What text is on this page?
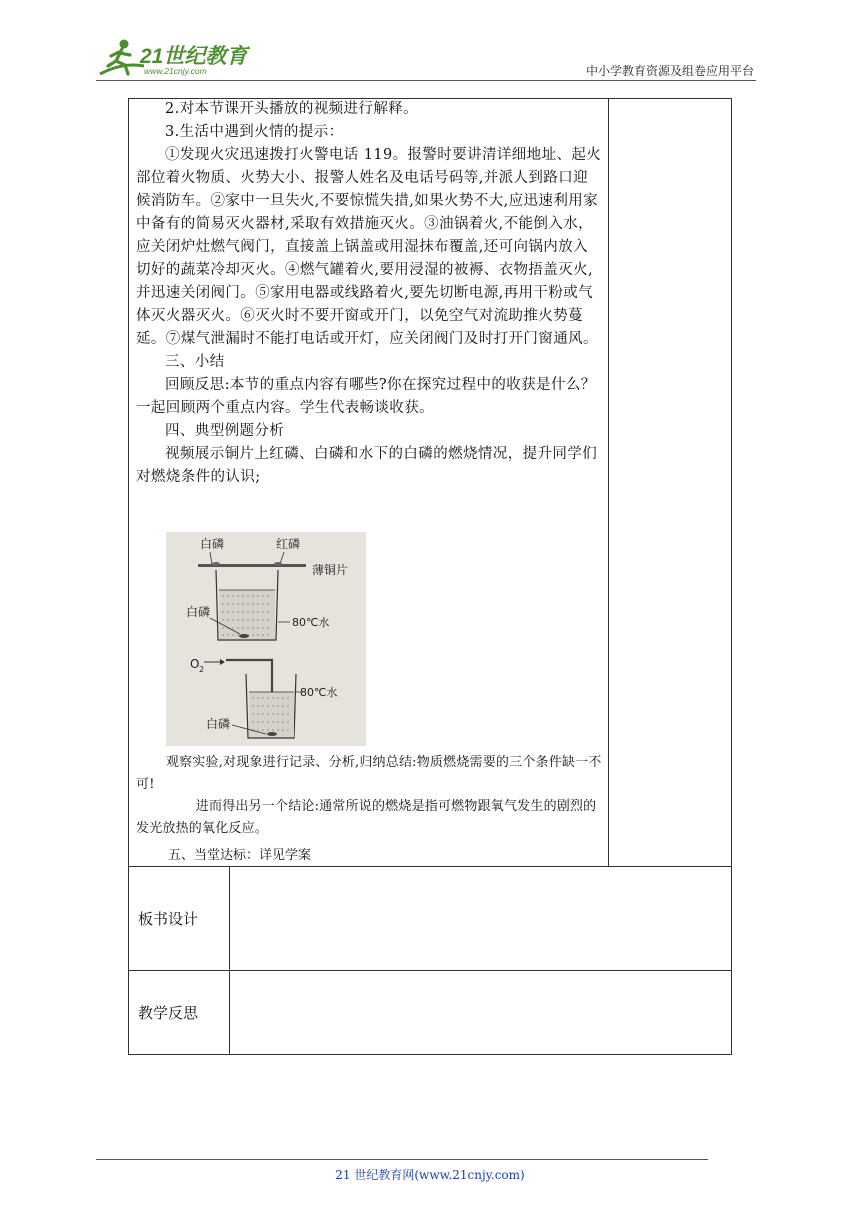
21世纪教育
www.21cnjy.com	中小学教育资源及组卷应用平台

2.对本节课开头播放的视频进行解释。

3.生活中遇到火情的提示：

①发现火灾迅速拨打火警电话 119。报警时要讲清详细地址、起火部位着火物质、火势大小、报警人姓名及电话号码等,并派人到路口迎候消防车。②家中一旦失火,不要惊慌失措,如果火势不大,应迅速利用家中备有的简易灭火器材,采取有效措施灭火。③油锅着火,不能倒入水，应关闭炉灶燃气阀门，直接盖上锅盖或用湿抹布覆盖,还可向锅内放入切好的蔬菜冷却灭火。④燃气罐着火,要用浸湿的被褥、衣物捂盖灭火,并迅速关闭阀门。⑤家用电器或线路着火,要先切断电源,再用干粉或气体灭火器灭火。⑥灭火时不要开窗或开门，以免空气对流助推火势蔓延。⑦煤气泄漏时不能打电话或开灯，应关闭阀门及时打开门窗通风。

三、小结

回顾反思:本节的重点内容有哪些?你在探究过程中的收获是什么？一起回顾两个重点内容。学生代表畅谈收获。

四、典型例题分析

视频展示铜片上红磷、白磷和水下的白磷的燃烧情况，提升同学们对燃烧条件的认识;

白磷	红磷
薄铜片
白磷
80℃水
O 2
80℃水
白磷

观察实验,对现象进行记录、分析,归纳总结:物质燃烧需要的三个条件缺一不可!

进而得出另一个结论:通常所说的燃烧是指可燃物跟氧气发生的剧烈的发光放热的氧化反应。

五、当堂达标：详见学案
板书设计
教学反思
21 世纪教育网(www.21cnjy.com)
